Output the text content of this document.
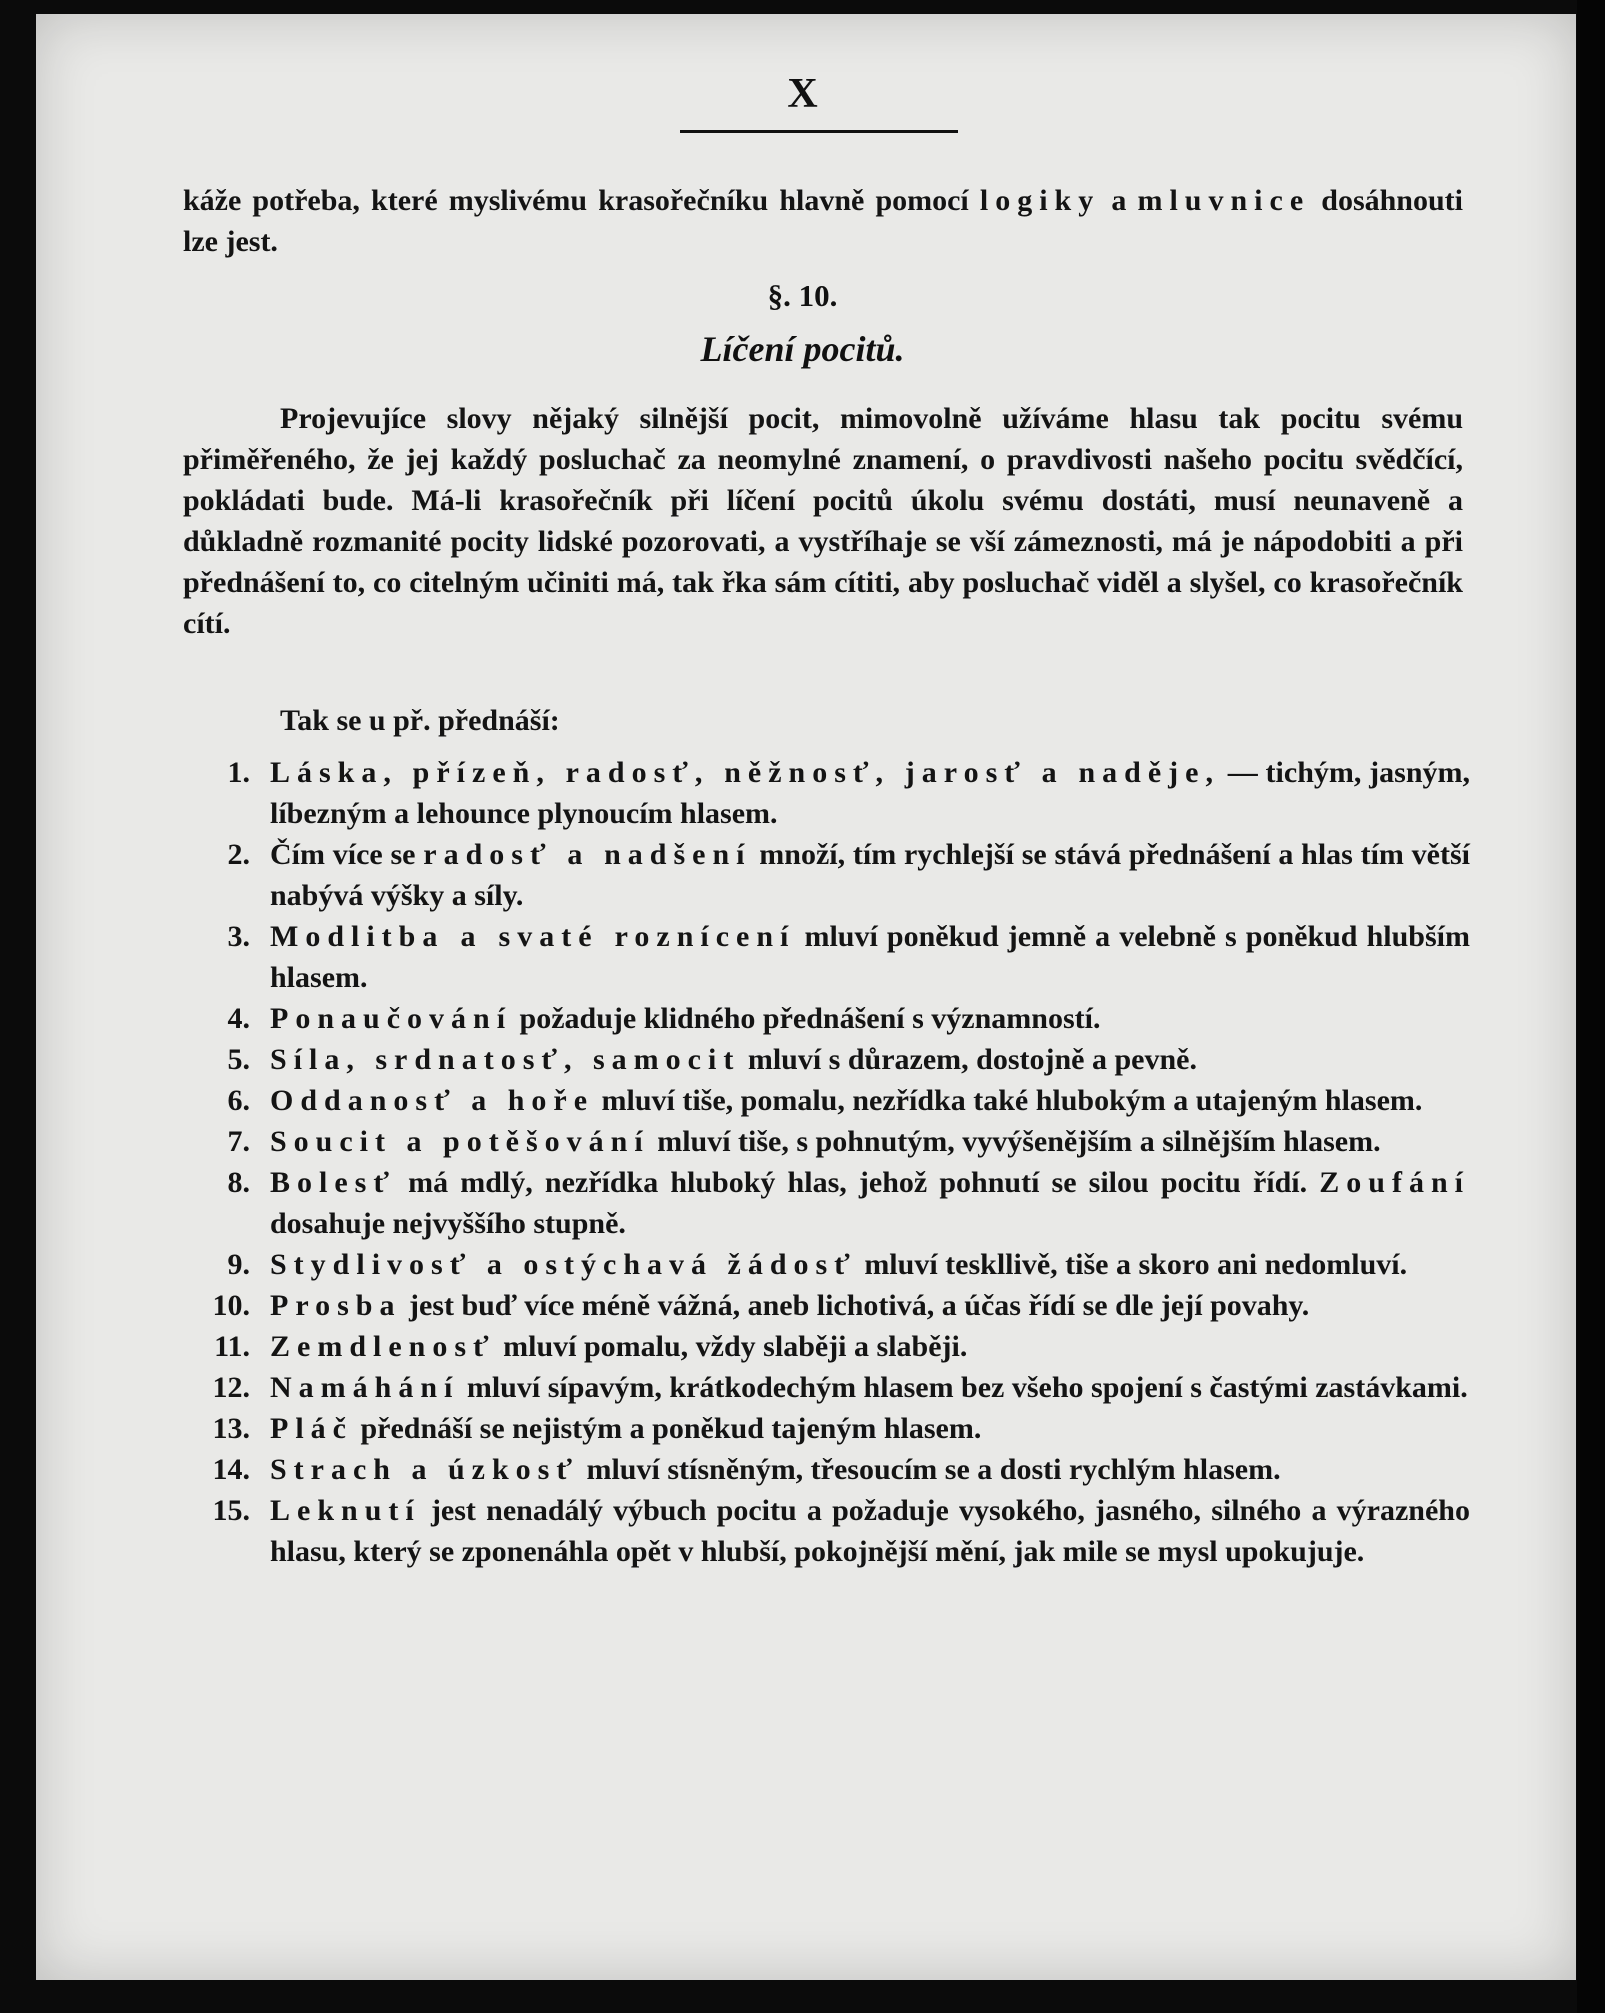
X
káže potřeba, které myslivému krasořečníku hlavně pomocí logiky a mluvnice dosáhnouti lze jest.
§. 10.
Líčení pocitů.
Projevujíce slovy nějaký silnější pocit, mimovolně užíváme hlasu tak pocitu svému přiměřeného, že jej každý posluchač za neomylné znamení, o pravdivosti našeho pocitu svědčící, pokládati bude. Má-li krasořečník při líčení pocitů úkolu svému dostáti, musí neunaveně a důkladně rozmanité pocity lidské pozorovati, a vystříhaje se vší zámeznosti, má je nápodobiti a při přednášení to, co citelným učiniti má, tak řka sám cítiti, aby posluchač viděl a slyšel, co krasořečník cítí.
Tak se u př. přednáší:
1. Láska, přízeň, radosť, něžnosť, jarosť a naděje, — tichým, jasným, líbezným a lehounce plynoucím hlasem.
2. Čím více se radosť a nadšení množí, tím rychlejší se stává přednášení a hlas tím větší nabývá výšky a síly.
3. Modlitba a svaté roznícení mluví poněkud jemně a velebně s poněkud hlubším hlasem.
4. Ponaučování požaduje klidného přednášení s významností.
5. Síla, srdnatosť, samocit mluví s důrazem, dostojně a pevně.
6. Oddanosť a hoře mluví tiše, pomalu, nezřídka také hlubokým a utajeným hlasem.
7. Soucit a potěšování mluví tiše, s pohnutým, vyvýšenějším a silnějším hlasem.
8. Bolesť má mdlý, nezřídka hluboký hlas, jehož pohnutí se silou pocitu řídí. Zoufání dosahuje nejvyššího stupně.
9. Stydlivosť a ostýchavá žádosť mluví teskllivě, tiše a skoro ani nedomluví.
10. Prosba jest buď více méně vážná, aneb lichotivá, a účas řídí se dle její povahy.
11. Zemdlenosť mluví pomalu, vždy slaběji a slaběji.
12. Namáhání mluví sípavým, krátkodechým hlasem bez všeho spojení s častými zastávkami.
13. Pláč přednáší se nejistým a poněkud tajeným hlasem.
14. Strach a úzkosť mluví stísněným, třesoucím se a dosti rychlým hlasem.
15. Leknutí jest nenadálý výbuch pocitu a požaduje vysokého, jasného, silného a výrazného hlasu, který se zponenáhla opět v hlubší, pokojnější mění, jak mile se mysl upokujuje.
